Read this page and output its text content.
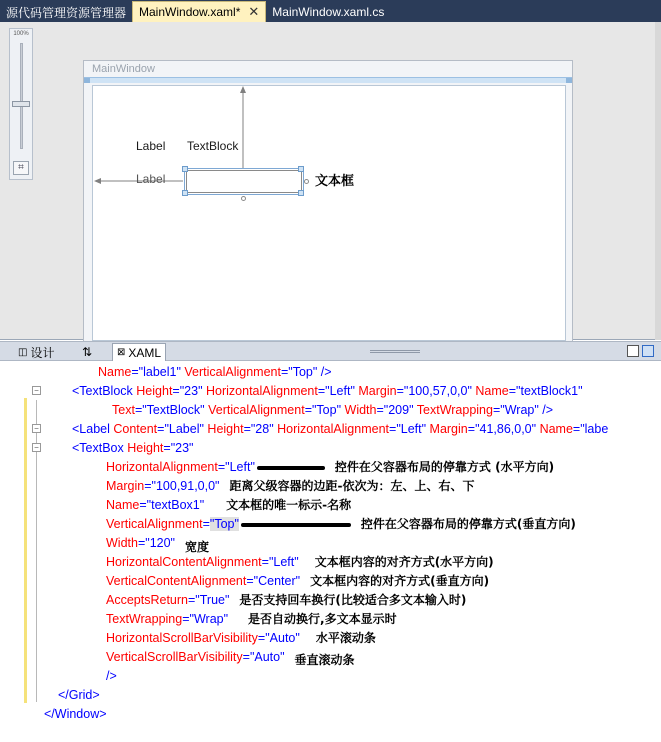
源代码管理资源管理器 MainWindow.xaml* ✕ MainWindow.xaml.cs
100%
⌗
MainWindow
Label TextBlock
Label	文本框
◫ 设计 ⇅ ⊠ XAML
−
−
−
Name="label1" VerticalAlignment="Top" />
<TextBlock Height="23" HorizontalAlignment="Left" Margin="100,57,0,0" Name="textBlock1"
Text="TextBlock" VerticalAlignment="Top" Width="209" TextWrapping="Wrap" />
<Label Content="Label" Height="28" HorizontalAlignment="Left" Margin="41,86,0,0" Name="labe
<TextBox Height="23"
HorizontalAlignment="Left"	控件在父容器布局的停靠方式 (水平方向)
Margin="100,91,0,0" 距离父级容器的边距-依次为：左、上、右、下
Name="textBox1" 文本框的唯一标示-名称
VerticalAlignment="Top"	控件在父容器布局的停靠方式(垂直方向)
Width="120" 宽度
HorizontalContentAlignment="Left" 文本框内容的对齐方式(水平方向)
VerticalContentAlignment="Center" 文本框内容的对齐方式(垂直方向)
AcceptsReturn="True" 是否支持回车换行(比较适合多文本输入时)
TextWrapping="Wrap" 是否自动换行,多文本显示时
HorizontalScrollBarVisibility="Auto" 水平滚动条
VerticalScrollBarVisibility="Auto" 垂直滚动条
/>
</Grid>
</Window>
